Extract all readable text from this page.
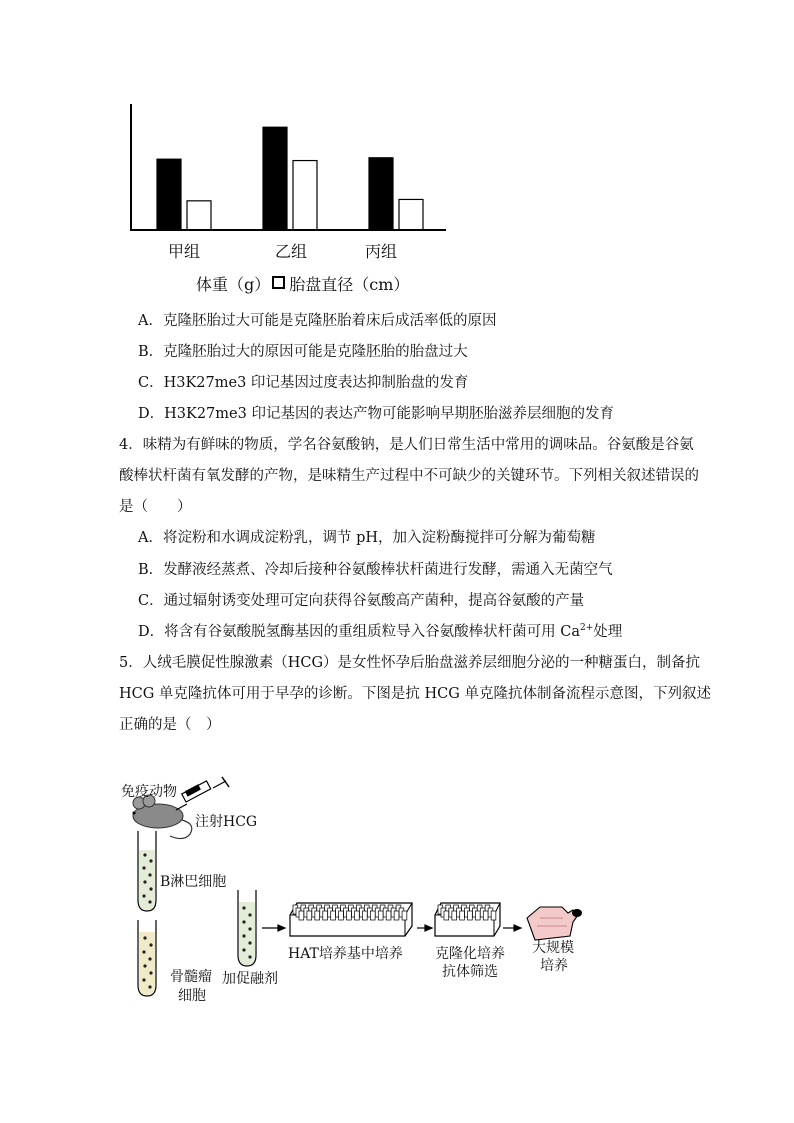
甲组	乙组	丙组
体重（g） 胎盘直径（cm）
A．克隆胚胎过大可能是克隆胚胎着床后成活率低的原因
B．克隆胚胎过大的原因可能是克隆胚胎的胎盘过大
C．H3K27me3 印记基因过度表达抑制胎盘的发育
D．H3K27me3 印记基因的表达产物可能影响早期胚胎滋养层细胞的发育
4．味精为有鲜味的物质，学名谷氨酸钠，是人们日常生活中常用的调味品。谷氨酸是谷氨
酸棒状杆菌有氧发酵的产物，是味精生产过程中不可缺少的关键环节。下列相关叙述错误的
是（　　）
A．将淀粉和水调成淀粉乳，调节 pH，加入淀粉酶搅拌可分解为葡萄糖
B．发酵液经蒸煮、冷却后接种谷氨酸棒状杆菌进行发酵，需通入无菌空气
C．通过辐射诱变处理可定向获得谷氨酸高产菌种，提高谷氨酸的产量
D．将含有谷氨酸脱氢酶基因的重组质粒导入谷氨酸棒状杆菌可用 $Ca^{2+}$处理
5．人绒毛膜促性腺激素（HCG）是女性怀孕后胎盘滋养层细胞分泌的一种糖蛋白，制备抗
HCG 单克隆抗体可用于早孕的诊断。下图是抗 HCG 单克隆抗体制备流程示意图，下列叙述
正确的是（　）
免疫动物
注射HCG
B淋巴细胞
骨髓瘤
细胞
加促融剂
HAT培养基中培养 克隆化培养
抗体筛选
大规模
培养
